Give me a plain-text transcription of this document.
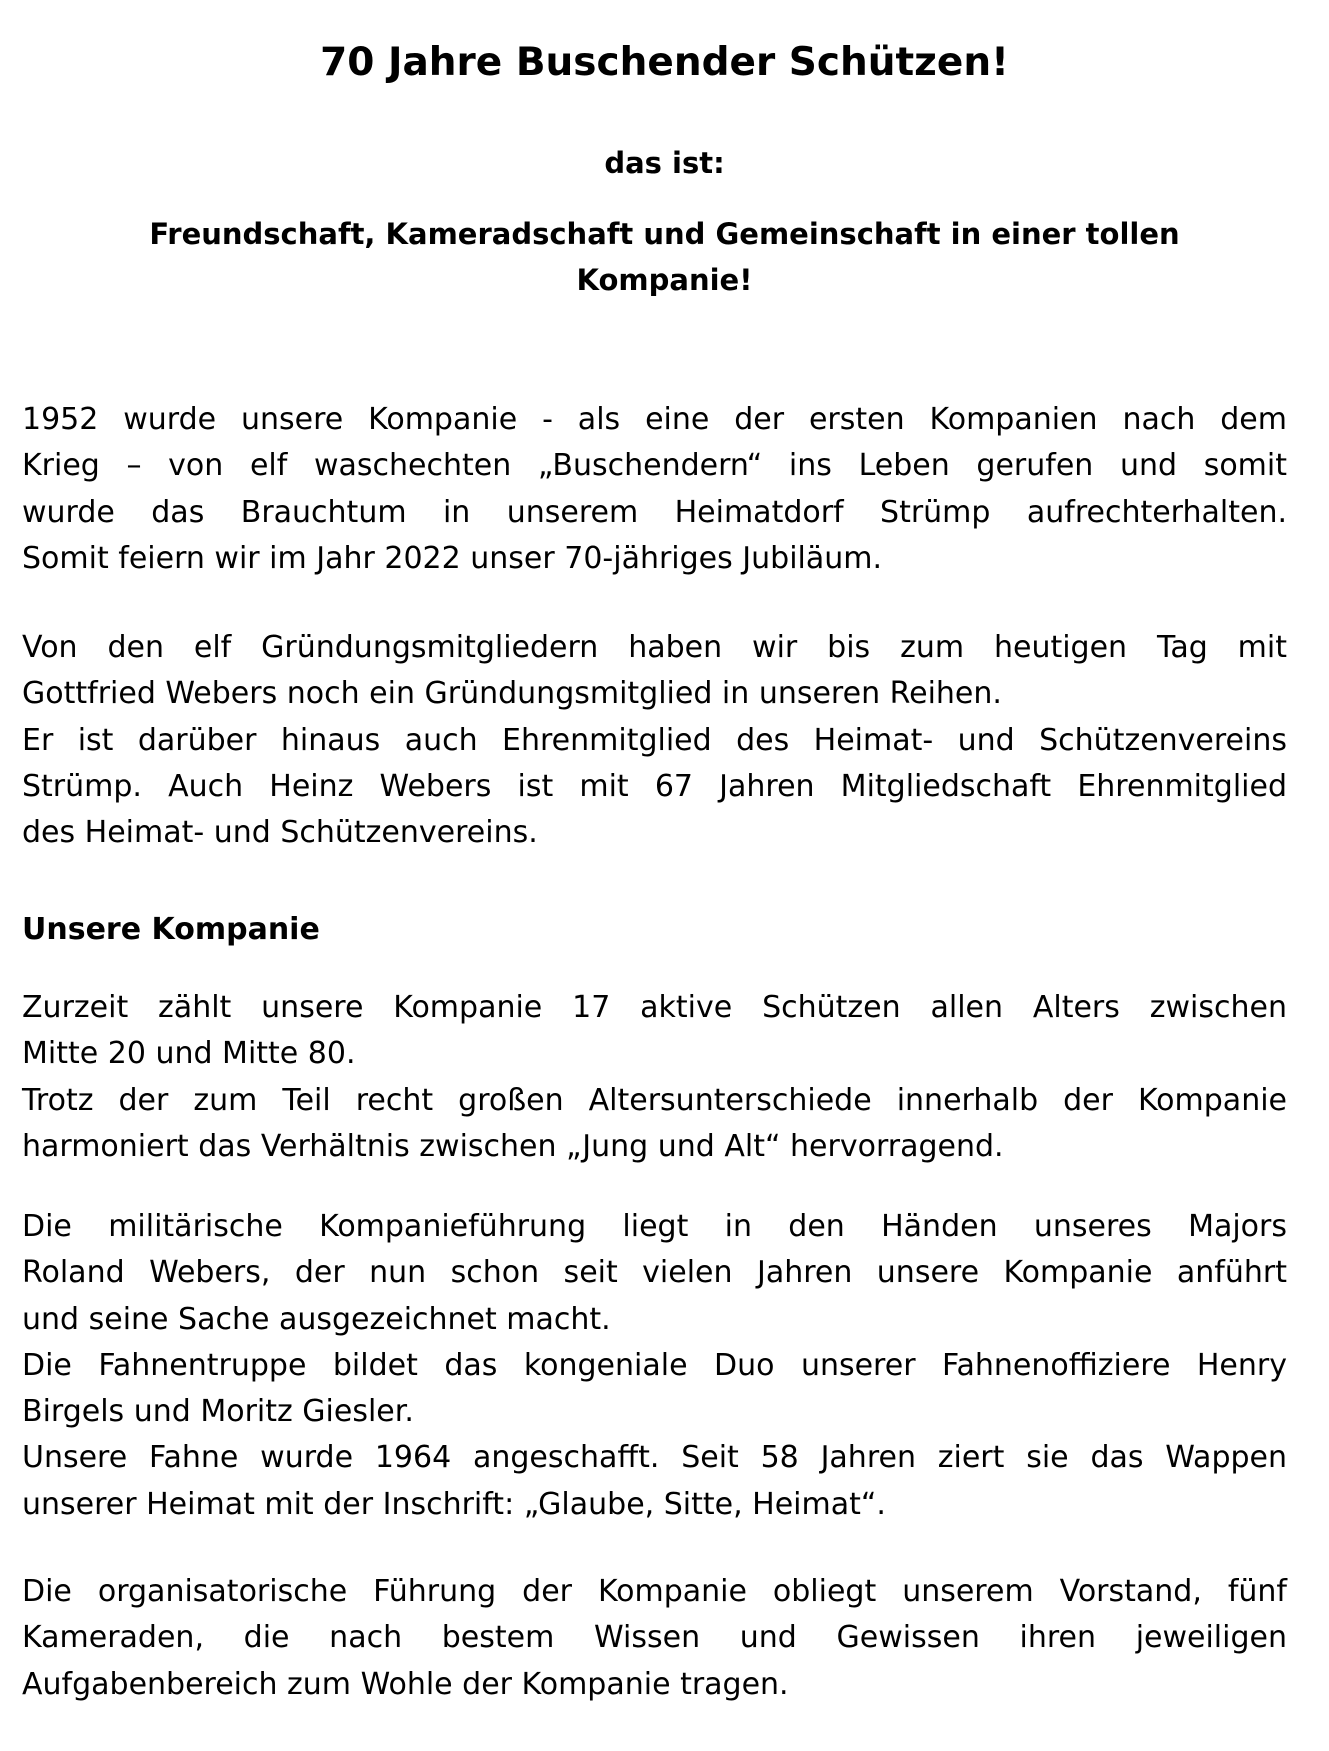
70 Jahre Buschender Schützen!

das ist:

Freundschaft, Kameradschaft und Gemeinschaft in einer tollen
Kompanie!

1952 wurde unsere Kompanie - als eine der ersten Kompanien nach dem
Krieg – von elf waschechten „Buschendern“ ins Leben gerufen und somit
wurde das Brauchtum in unserem Heimatdorf Strümp aufrechterhalten.
Somit feiern wir im Jahr 2022 unser 70-jähriges Jubiläum.

Von den elf Gründungsmitgliedern haben wir bis zum heutigen Tag mit
Gottfried Webers noch ein Gründungsmitglied in unseren Reihen.
Er ist darüber hinaus auch Ehrenmitglied des Heimat- und Schützenvereins
Strümp. Auch Heinz Webers ist mit 67 Jahren Mitgliedschaft Ehrenmitglied
des Heimat- und Schützenvereins.

Unsere Kompanie

Zurzeit zählt unsere Kompanie 17 aktive Schützen allen Alters zwischen
Mitte 20 und Mitte 80.
Trotz der zum Teil recht großen Altersunterschiede innerhalb der Kompanie
harmoniert das Verhältnis zwischen „Jung und Alt“ hervorragend.

Die militärische Kompanieführung liegt in den Händen unseres Majors
Roland Webers, der nun schon seit vielen Jahren unsere Kompanie anführt
und seine Sache ausgezeichnet macht.
Die Fahnentruppe bildet das kongeniale Duo unserer Fahnenoffiziere Henry
Birgels und Moritz Giesler.
Unsere Fahne wurde 1964 angeschafft. Seit 58 Jahren ziert sie das Wappen
unserer Heimat mit der Inschrift: „Glaube, Sitte, Heimat“.

Die organisatorische Führung der Kompanie obliegt unserem Vorstand, fünf
Kameraden, die nach bestem Wissen und Gewissen ihren jeweiligen
Aufgabenbereich zum Wohle der Kompanie tragen.
